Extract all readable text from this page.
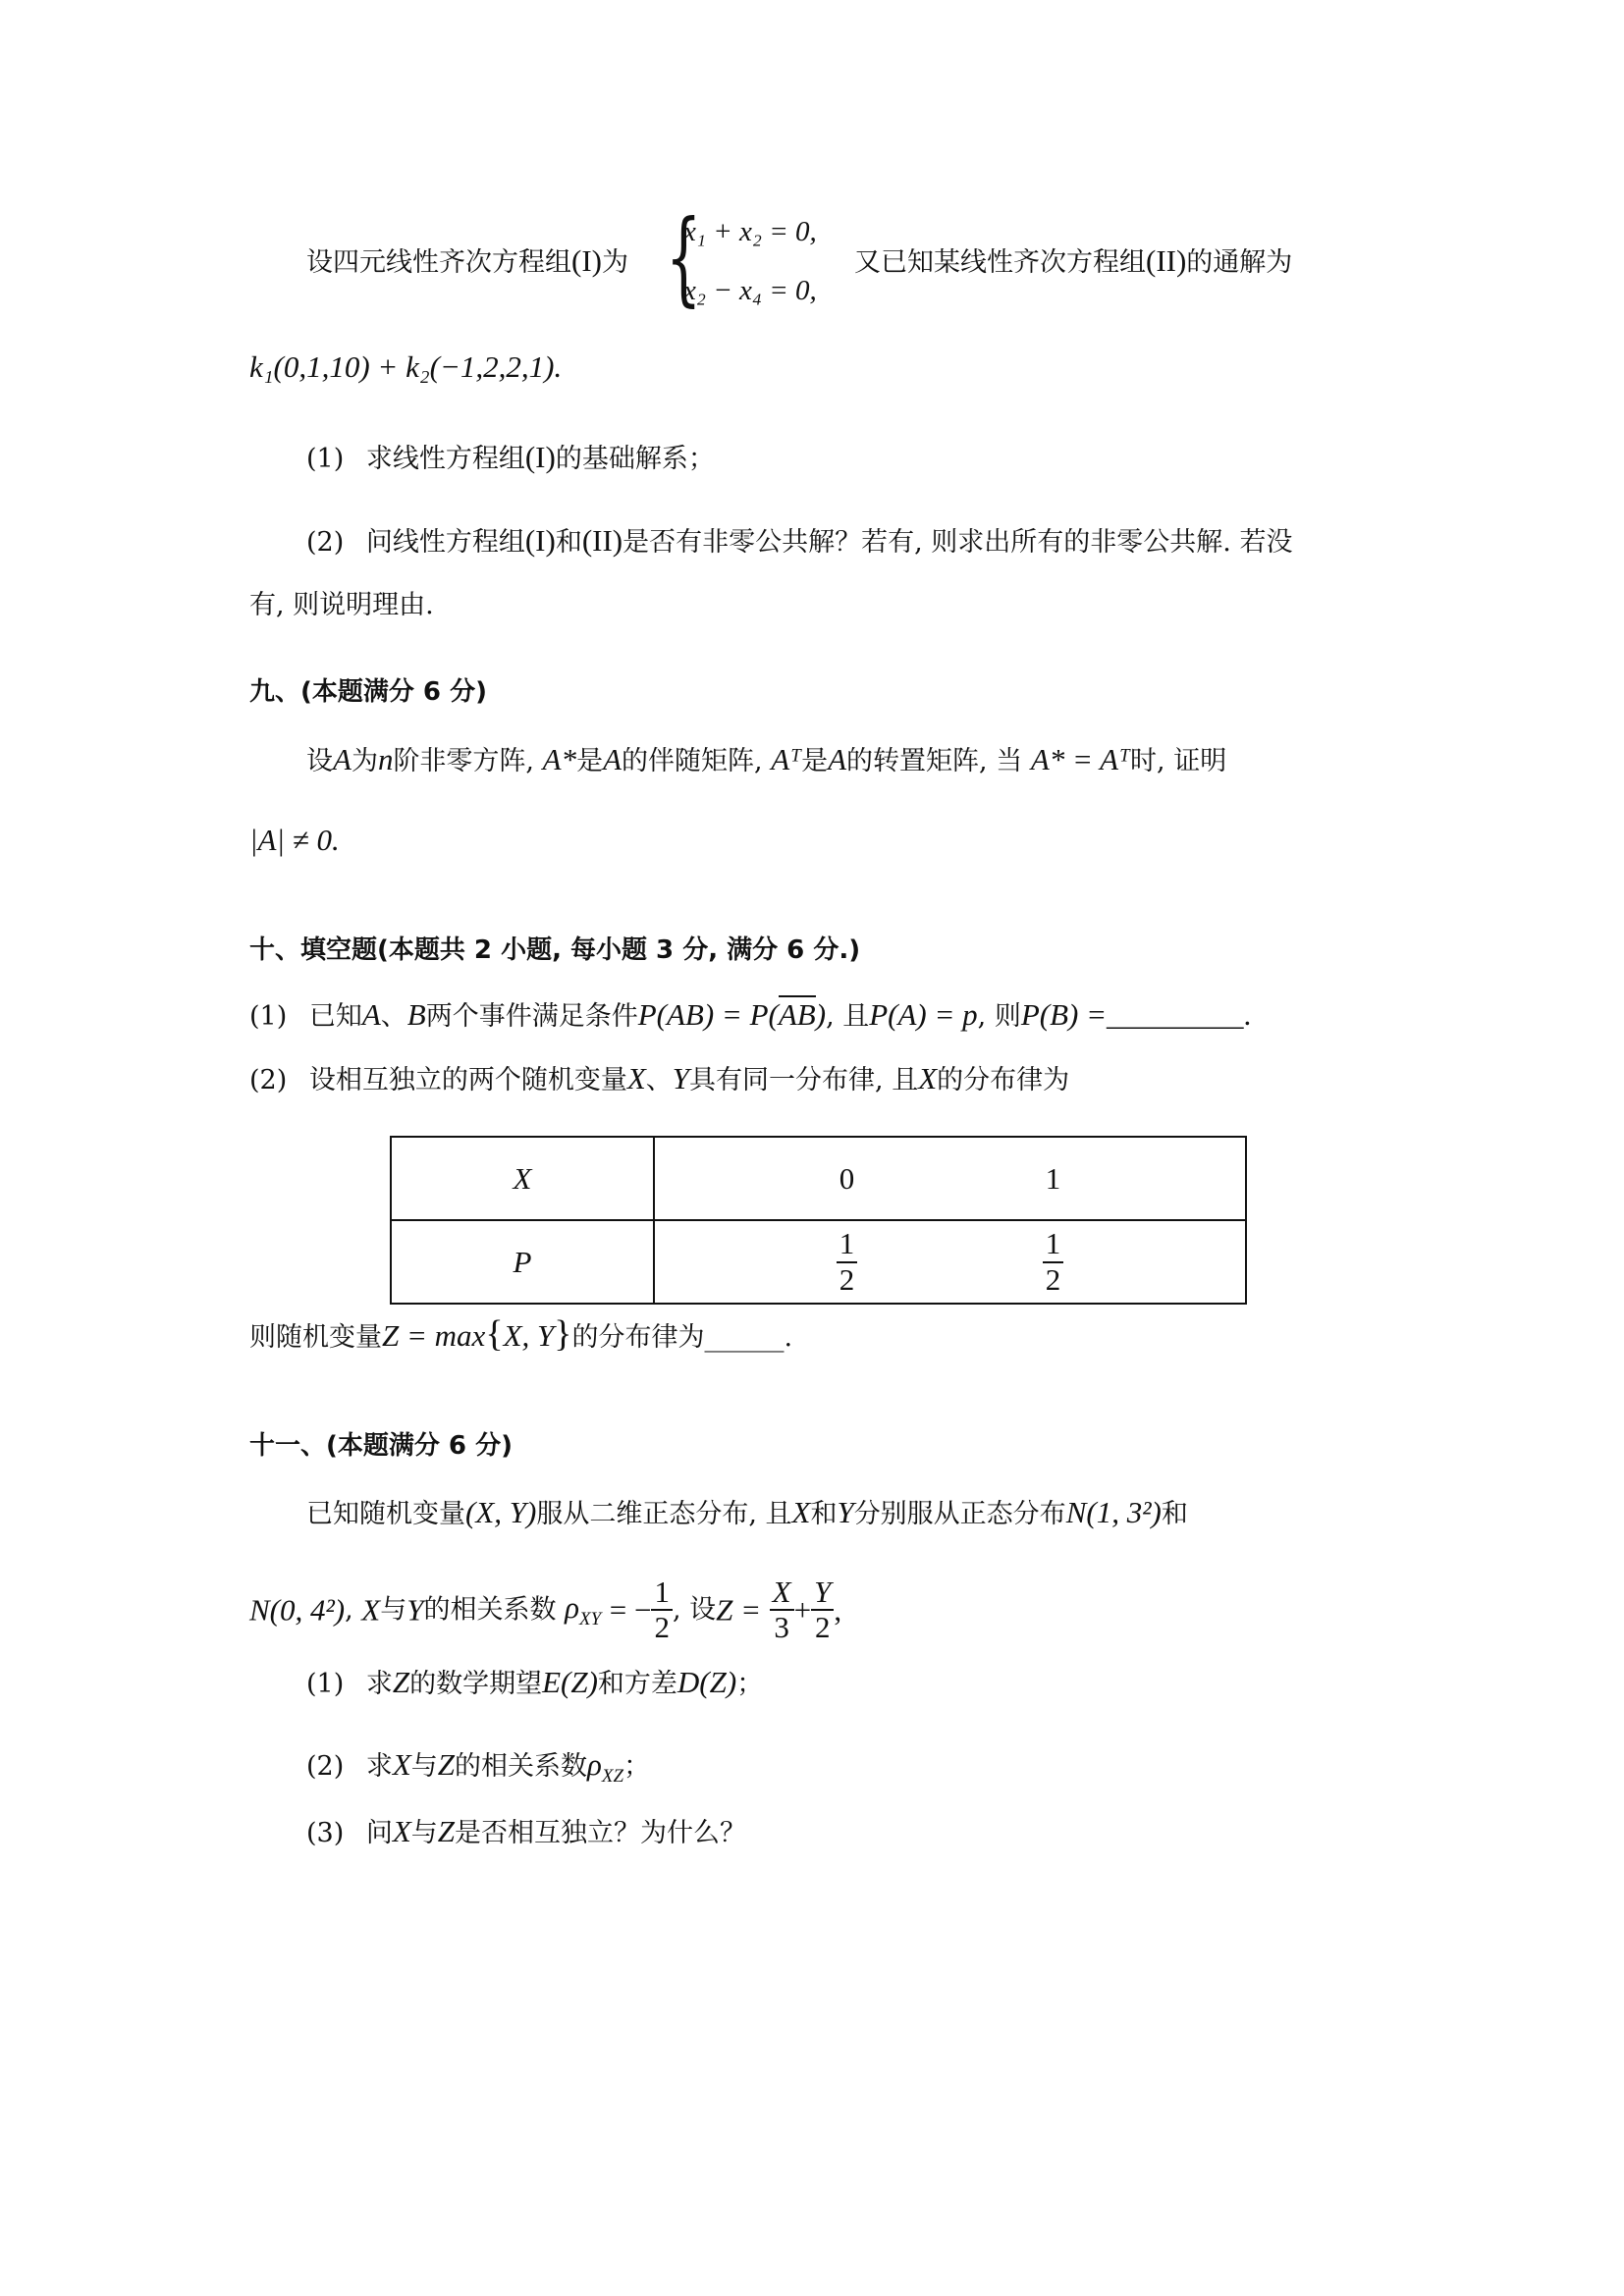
设四元线性齐次方程组(I)为 {
x₁ + x₂ = 0,
x₂ − x₄ = 0,
又已知某线性齐次方程组(II)的通解为
k₁(0,1,10) + k₂(−1,2,2,1).
(1) 求线性方程组(I)的基础解系；
(2) 问线性方程组(I)和(II)是否有非零公共解？若有, 则求出所有的非零公共解. 若没
有, 则说明理由.
九、(本题满分 6 分)
设A为n阶非零方阵, A*是A的伴随矩阵, Aᵀ是A的转置矩阵, 当 A* = Aᵀ时, 证明
|A| ≠ 0.
十、填空题(本题共 2 小题, 每小题 3 分, 满分 6 分.)
(1) 已知A、B两个事件满足条件P(AB) = P(AB), 且P(A) = p, 则P(B) =_________.
(2) 设相互独立的两个随机变量X、Y具有同一分布律, 且X的分布律为
X	0 1
P	$\frac{1}{2} \frac{1}{2}$
则随机变量Z = max{X, Y}的分布律为______.
十一、(本题满分 6 分)
已知随机变量(X, Y)服从二维正态分布, 且X和Y分别服从正态分布N(1, 3²)和
N(0, 4²), X与Y的相关系数 $\rho_{XY}$ = − $\frac{1}{2}$ , 设$Z = \frac{X}{3} + \frac{Y}{2}$ ,
(1) 求Z的数学期望E(Z)和方差D(Z)；
(2) 求X与Z的相关系数$\rho_{XZ}$；
(3) 问X与Z是否相互独立？为什么？
